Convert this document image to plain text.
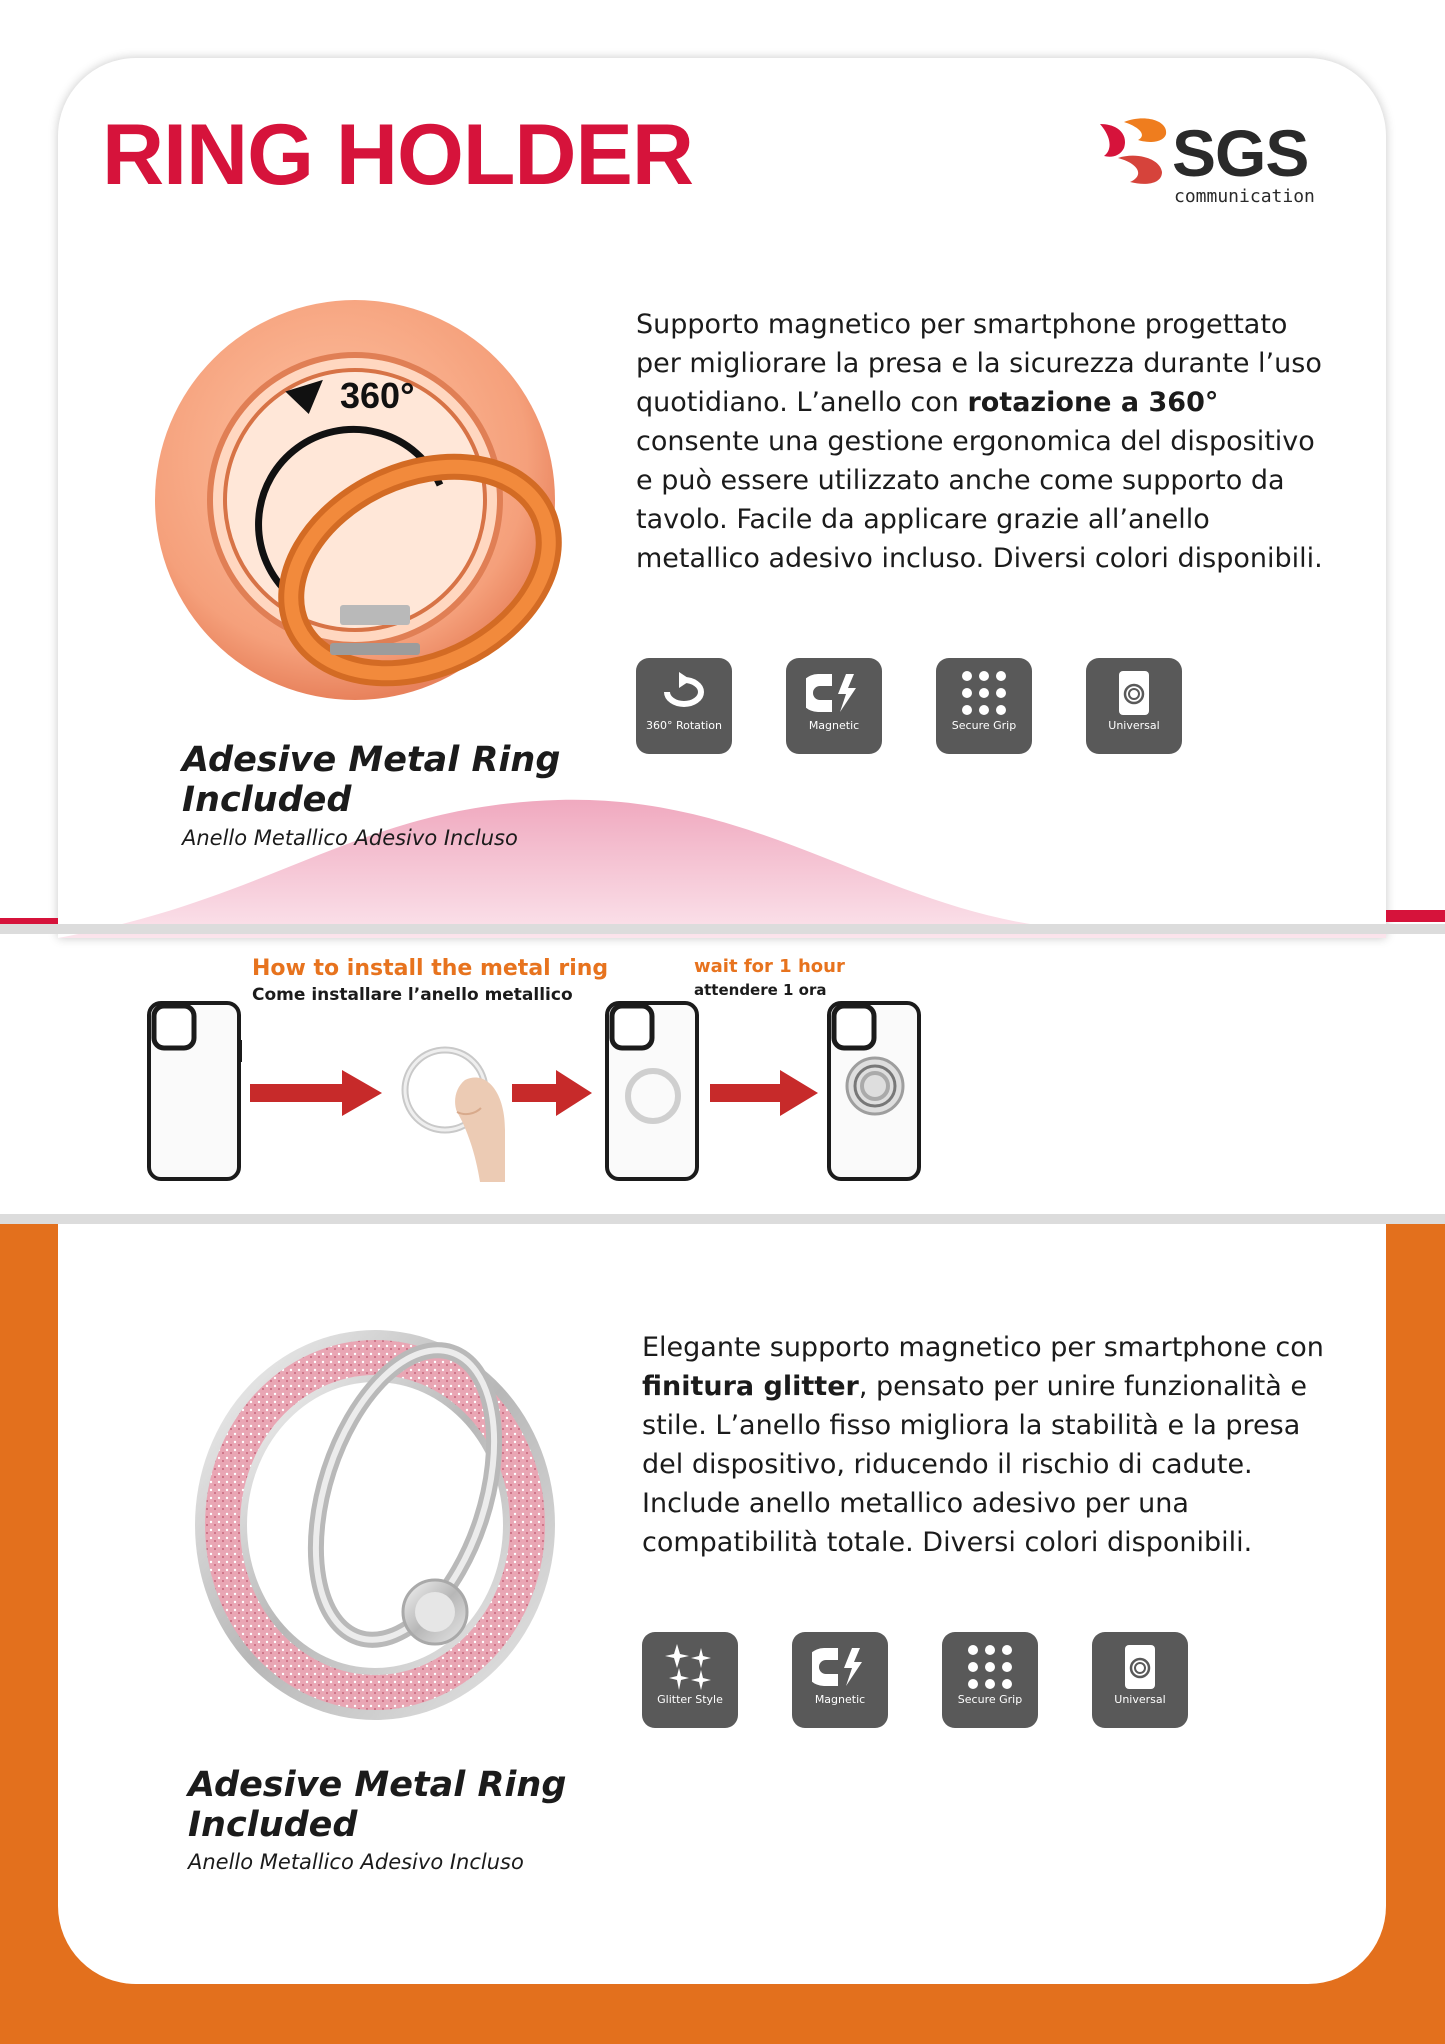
RING HOLDER	SGS
communication
360°

Supporto magnetico per smartphone progettato per migliorare la presa e la sicurezza durante l’uso quotidiano. L’anello con rotazione a 360° consente una gestione ergonomica del dispositivo e può essere utilizzato anche come supporto da tavolo. Facile da applicare grazie all’anello metallico adesivo incluso. Diversi colori disponibili.

360° Rotation	Magnetic	Secure Grip	Universal

Adesive Metal Ring Included

Anello Metallico Adesivo Incluso

How to install the metal ring
Come installare l’anello metallico
wait for 1 hour
attendere 1 ora

Elegante supporto magnetico per smartphone con finitura glitter, pensato per unire funzionalità e stile. L’anello fisso migliora la stabilità e la presa del dispositivo, riducendo il rischio di cadute.
Include anello metallico adesivo per una compatibilità totale. Diversi colori disponibili.

Glitter Style	Magnetic	Secure Grip	Universal

Adesive Metal Ring Included

Anello Metallico Adesivo Incluso
